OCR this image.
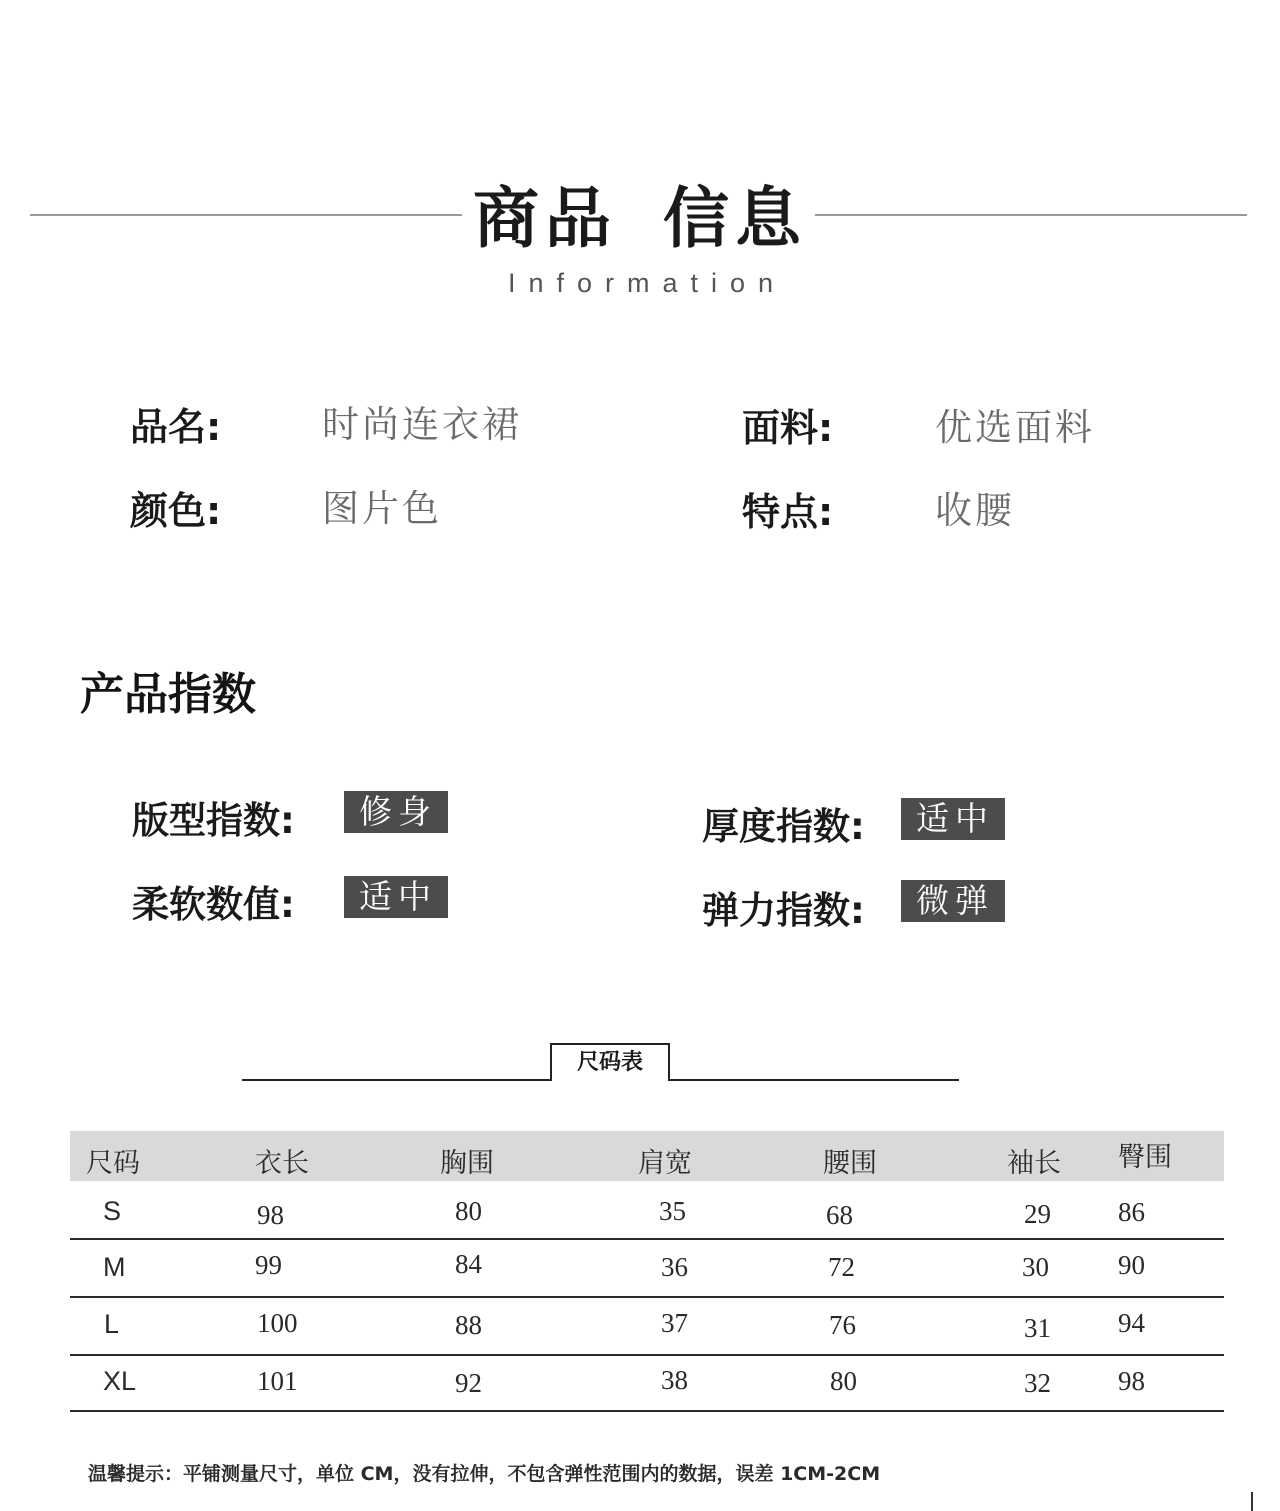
商品 信息
Information
品名:	时尚连衣裙	面料:	优选面料
颜色:	图片色	特点:	收腰
产品指数
版型指数:	修身	厚度指数:	适中
柔软数值:	适中	弹力指数:	微弹
尺码表
尺码	衣长	胸围	肩宽	腰围	袖长 臀围
S	98	80	35	68	29 86
M	99	84	36	72	30	90
L	100	88	37	76	31 94
XL	101	92	38	80	32 98
温馨提示：平铺测量尺寸，单位 CM，没有拉伸，不包含弹性范围内的数据，误差 1CM-2CM
